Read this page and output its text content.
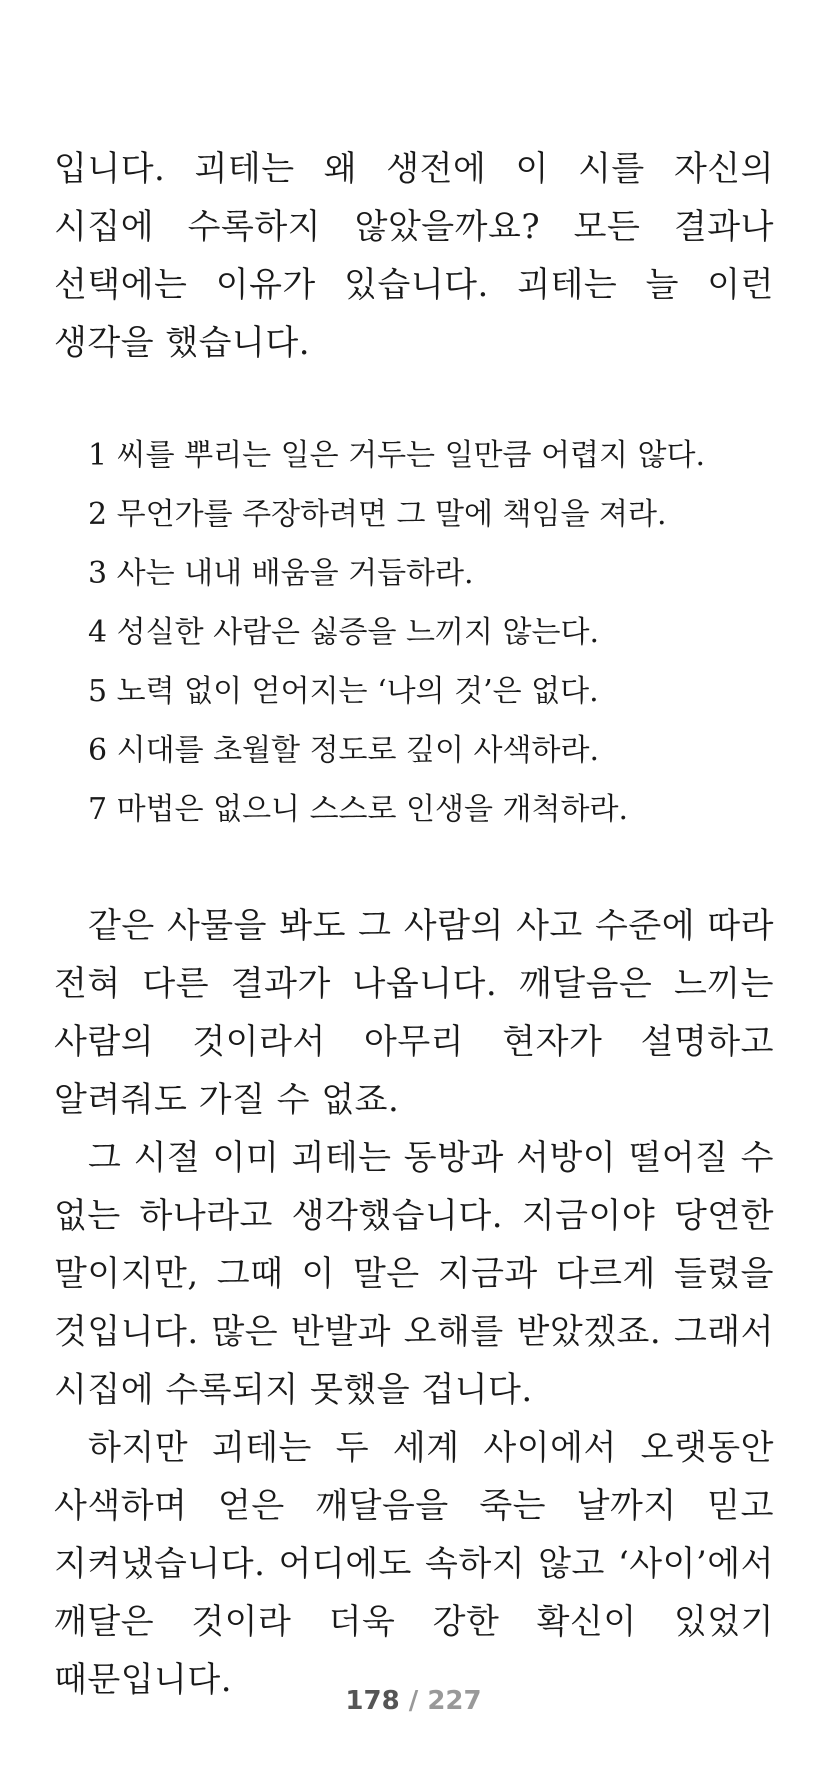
입니다. 괴테는 왜 생전에 이 시를 자신의 시집에 수록하지 않았을까요? 모든 결과나 선택에는 이유가 있습니다. 괴테는 늘 이런 생각을 했습니다.

1 씨를 뿌리는 일은 거두는 일만큼 어렵지 않다.
2 무언가를 주장하려면 그 말에 책임을 져라.
3 사는 내내 배움을 거듭하라.
4 성실한 사람은 싫증을 느끼지 않는다.
5 노력 없이 얻어지는 ‘나의 것’은 없다.
6 시대를 초월할 정도로 깊이 사색하라.
7 마법은 없으니 스스로 인생을 개척하라.

같은 사물을 봐도 그 사람의 사고 수준에 따라 전혀 다른 결과가 나옵니다. 깨달음은 느끼는 사람의 것이라서 아무리 현자가 설명하고 알려줘도 가질 수 없죠.

그 시절 이미 괴테는 동방과 서방이 떨어질 수 없는 하나라고 생각했습니다. 지금이야 당연한 말이지만, 그때 이 말은 지금과 다르게 들렸을 것입니다. 많은 반발과 오해를 받았겠죠. 그래서 시집에 수록되지 못했을 겁니다.

하지만 괴테는 두 세계 사이에서 오랫동안 사색하며 얻은 깨달음을 죽는 날까지 믿고 지켜냈습니다. 어디에도 속하지 않고 ‘사이’에서 깨달은 것이라 더욱 강한 확신이 있었기 때문입니다.

178 / 227
